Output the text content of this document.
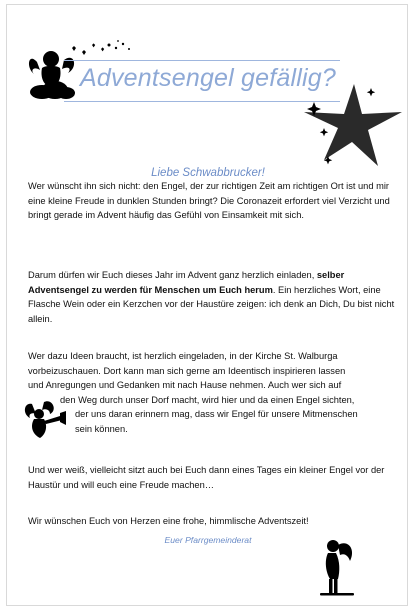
Adventsengel gefällig?
Liebe Schwabbrucker!

Wer wünscht ihn sich nicht: den Engel, der zur richtigen Zeit am richtigen Ort ist und mir eine kleine Freude in dunklen Stunden bringt? Die Coronazeit erfordert viel Verzicht und bringt gerade im Advent häufig das Gefühl von Einsamkeit mit sich.

Darum dürfen wir Euch dieses Jahr im Advent ganz herzlich einladen, selber Adventsengel zu werden für Menschen um Euch herum. Ein herzliches Wort, eine Flasche Wein oder ein Kerzchen vor der Haustüre zeigen: ich denk an Dich, Du bist nicht allein.

Wer dazu Ideen braucht, ist herzlich eingeladen, in der Kirche St. Walburga
vorbeizuschauen. Dort kann man sich gerne am Ideentisch inspirieren lassen
und Anregungen und Gedanken mit nach Hause nehmen. Auch wer sich auf
den Weg durch unser Dorf macht, wird hier und da einen Engel sichten,
der uns daran erinnern mag, dass wir Engel für unsere Mitmenschen
sein können.

Und wer weiß, vielleicht sitzt auch bei Euch dann eines Tages ein kleiner Engel vor der Haustür und will euch eine Freude machen…

Wir wünschen Euch von Herzen eine frohe, himmlische Adventszeit!

Euer Pfarrgemeinderat
